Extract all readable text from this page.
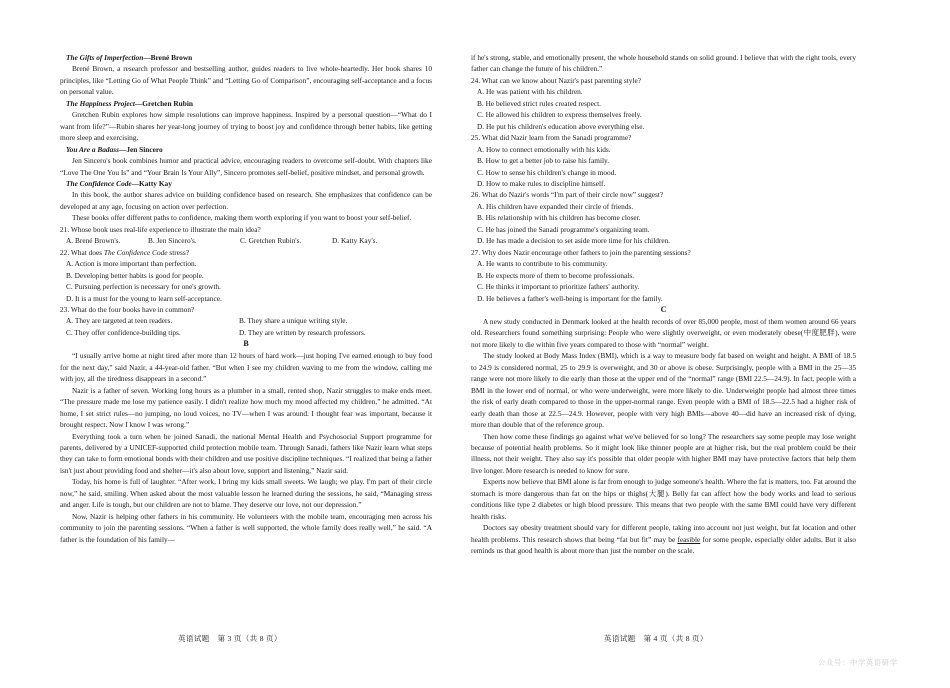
The Gifts of Imperfection—Brené Brown

Brené Brown, a research professor and bestselling author, guides readers to live whole-heartedly. Her book shares 10 principles, like “Letting Go of What People Think” and “Letting Go of Comparison”, encouraging self-acceptance and a focus on personal value.

The Happiness Project—Gretchen Rubin

Gretchen Rubin explores how simple resolutions can improve happiness. Inspired by a personal question—“What do I want from life?”—Rubin shares her year-long journey of trying to boost joy and confidence through better habits, like getting more sleep and exercising.

You Are a Badass—Jen Sincero

Jen Sincero's book combines humor and practical advice, encouraging readers to overcome self-doubt. With chapters like “Love The One You Is” and “Your Brain Is Your Ally”, Sincero promotes self-belief, positive mindset, and personal growth.

The Confidence Code—Katty Kay

In this book, the author shares advice on building confidence based on research. She emphasizes that confidence can be developed at any age, focusing on action over perfection.

These books offer different paths to confidence, making them worth exploring if you want to boost your self-belief.

21. Whose book uses real-life experience to illustrate the main idea?
A. Brené Brown's.	B. Jen Sincero's.	C. Gretchen Rubin's.	D. Katty Kay's.
22. What does The Confidence Code stress?
A. Action is more important than perfection.
B. Developing better habits is good for people.
C. Pursuing perfection is necessary for one's growth.
D. It is a must for the young to learn self-acceptance.
23. What do the four books have in common?
A. They are targeted at teen readers.	B. They share a unique writing style.
C. They offer confidence-building tips.	D. They are written by research professors.
B

“I usually arrive home at night tired after more than 12 hours of hard work—just hoping I've earned enough to buy food for the next day,” said Nazir, a 44-year-old father. “But when I see my children waving to me from the window, calling me with joy, all the tiredness disappears in a second.”

Nazir is a father of seven. Working long hours as a plumber in a small, rented shop, Nazir struggles to make ends meet. “The pressure made me lose my patience easily. I didn't realize how much my mood affected my children,” he admitted. “At home, I set strict rules—no jumping, no loud voices, no TV—when I was around. I thought fear was important, because it brought respect. Now I know I was wrong.”

Everything took a turn when he joined Sanadi, the national Mental Health and Psychosocial Support programme for parents, delivered by a UNICEF-supported child protection mobile team. Through Sanadi, fathers like Nazir learn what steps they can take to form emotional bonds with their children and use positive discipline techniques. “I realized that being a father isn't just about providing food and shelter—it's also about love, support and listening,” Nazir said.

Today, his home is full of laughter. “After work, I bring my kids small sweets. We laugh; we play. I'm part of their circle now,” he said, smiling. When asked about the most valuable lesson he learned during the sessions, he said, “Managing stress and anger. Life is tough, but our children are not to blame. They deserve our love, not our depression.”

Now, Nazir is helping other fathers in his community. He volunteers with the mobile team, encouraging men across his community to join the parenting sessions. “When a father is well supported, the whole family does really well,” he said. “A father is the foundation of his family—

if he's strong, stable, and emotionally present, the whole household stands on solid ground. I believe that with the right tools, every father can change the future of his children.”

24. What can we know about Nazir's past parenting style?
A. He was patient with his children.
B. He believed strict rules created respect.
C. He allowed his children to express themselves freely.
D. He put his children's education above everything else.
25. What did Nazir learn from the Sanadi programme?
A. How to connect emotionally with his kids.
B. How to get a better job to raise his family.
C. How to sense his children's change in mood.
D. How to make rules to discipline himself.
26. What do Nazir's words “I'm part of their circle now” suggest?
A. His children have expanded their circle of friends.
B. His relationship with his children has become closer.
C. He has joined the Sanadi programme's organizing team.
D. He has made a decision to set aside more time for his children.
27. Why does Nazir encourage other fathers to join the parenting sessions?
A. He wants to contribute to his community.
B. He expects more of them to become professionals.
C. He thinks it important to prioritize fathers' authority.
D. He believes a father's well-being is important for the family.
C

A new study conducted in Denmark looked at the health records of over 85,000 people, most of them women around 66 years old. Researchers found something surprising: People who were slightly overweight, or even moderately obese(中度肥胖), were not more likely to die within five years compared to those with “normal” weight.

The study looked at Body Mass Index (BMI), which is a way to measure body fat based on weight and height. A BMI of 18.5 to 24.9 is considered normal, 25 to 29.9 is overweight, and 30 or above is obese. Surprisingly, people with a BMI in the 25—35 range were not more likely to die early than those at the upper end of the “normal” range (BMI 22.5—24.9). In fact, people with a BMI in the lower end of normal, or who were underweight, were more likely to die. Underweight people had almost three times the risk of early death compared to those in the upper-normal range. Even people with a BMI of 18.5—22.5 had a higher risk of early death than those at 22.5—24.9. However, people with very high BMIs—above 40—did have an increased risk of dying, more than double that of the reference group.

Then how come these findings go against what we've believed for so long? The researchers say some people may lose weight because of potential health problems. So it might look like thinner people are at higher risk, but the real problem could be their illness, not their weight. They also say it's possible that older people with higher BMI may have protective factors that help them live longer. More research is needed to know for sure.

Experts now believe that BMI alone is far from enough to judge someone's health. Where the fat is matters, too. Fat around the stomach is more dangerous than fat on the hips or thighs(大腿). Belly fat can affect how the body works and lead to serious conditions like type 2 diabetes or high blood pressure. This means that two people with the same BMI could have very different health risks.

Doctors say obesity treatment should vary for different people, taking into account not just weight, but fat location and other health problems. This research shows that being “fat but fit” may be feasible for some people, especially older adults. But it also reminds us that good health is about more than just the number on the scale.

英语试题　第 3 页（共 8 页）	英语试题　第 4 页（共 8 页）
公众号：中学英语研学
